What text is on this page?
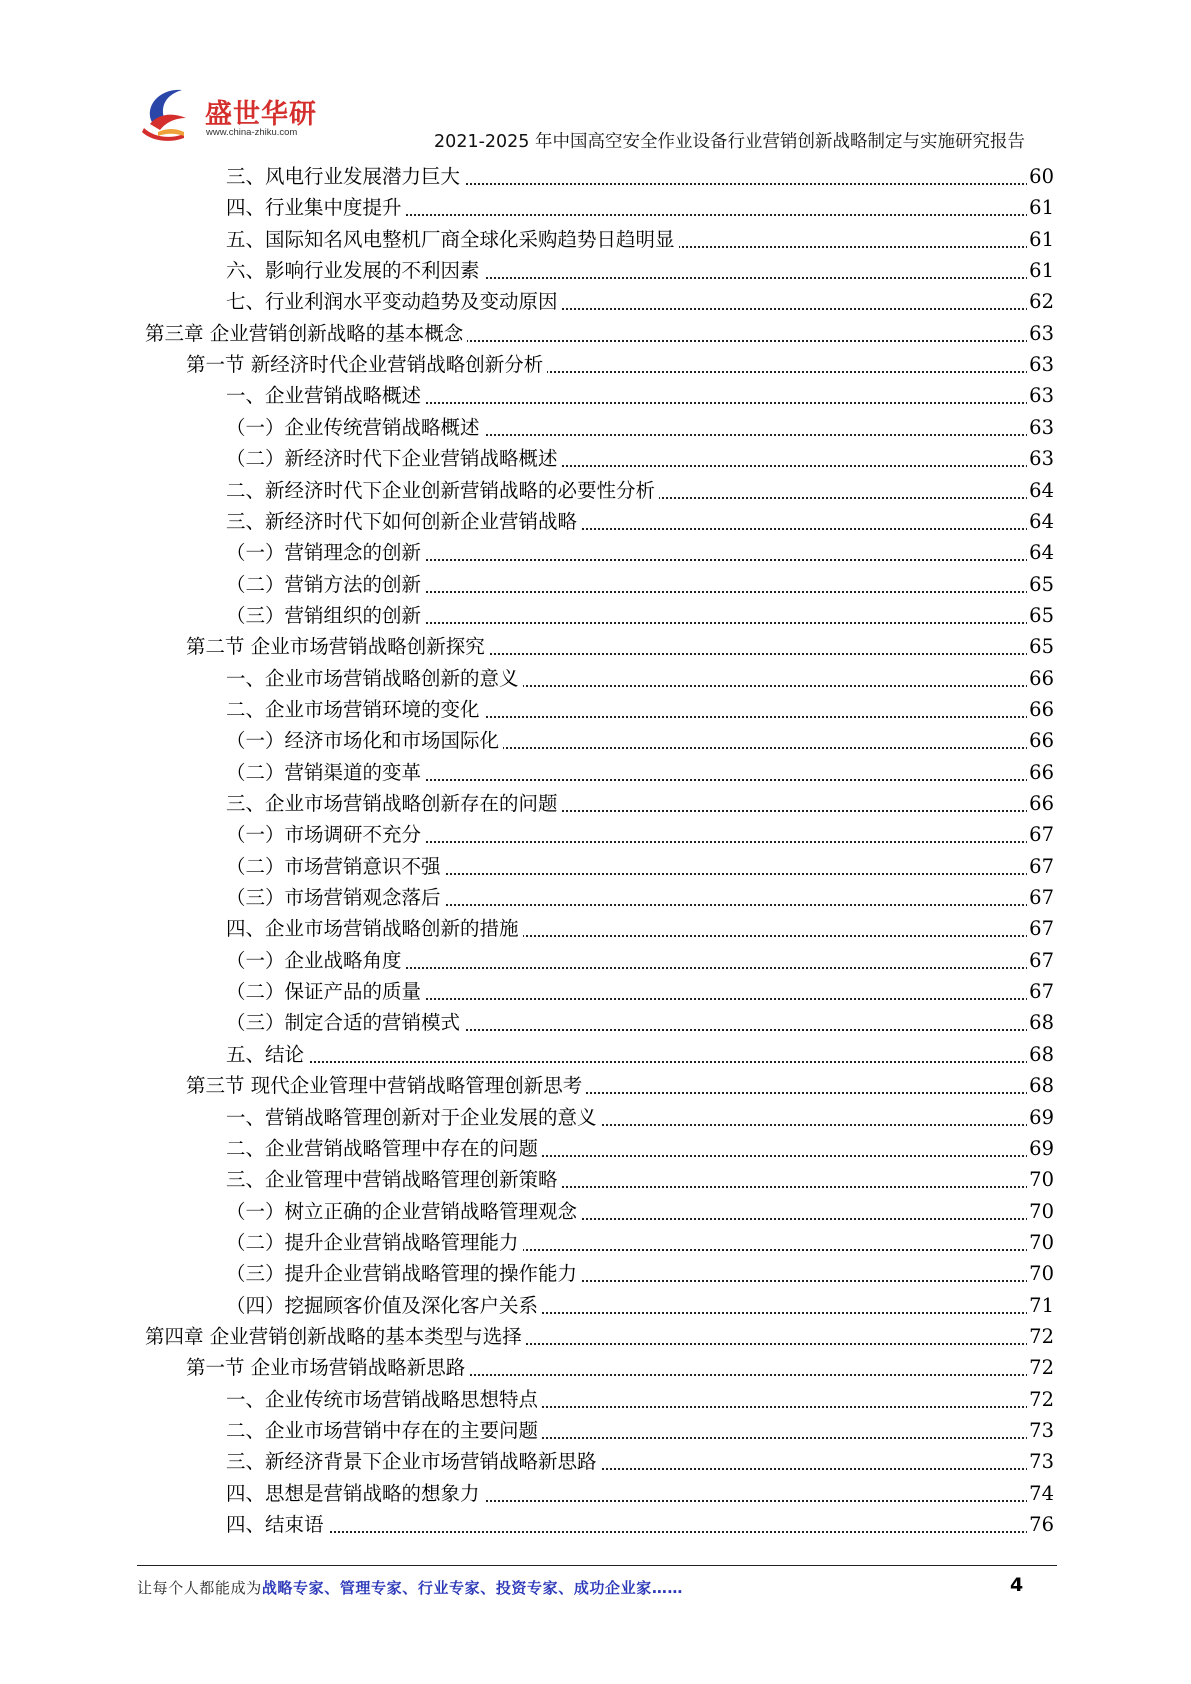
盛世华研
www.china-zhiku.com	2021-2025 年中国高空安全作业设备行业营销创新战略制定与实施研究报告
三、风电行业发展潜力巨大	60
四、行业集中度提升	61
五、国际知名风电整机厂商全球化采购趋势日趋明显	61
六、影响行业发展的不利因素	61
七、行业利润水平变动趋势及变动原因	62
第三章 企业营销创新战略的基本概念	63
第一节 新经济时代企业营销战略创新分析	63
一、企业营销战略概述	63
（一）企业传统营销战略概述	63
（二）新经济时代下企业营销战略概述	63
二、新经济时代下企业创新营销战略的必要性分析	64
三、新经济时代下如何创新企业营销战略	64
（一）营销理念的创新	64
（二）营销方法的创新	65
（三）营销组织的创新	65
第二节 企业市场营销战略创新探究	65
一、企业市场营销战略创新的意义	66
二、企业市场营销环境的变化	66
（一）经济市场化和市场国际化	66
（二）营销渠道的变革	66
三、企业市场营销战略创新存在的问题	66
（一）市场调研不充分	67
（二）市场营销意识不强	67
（三）市场营销观念落后	67
四、企业市场营销战略创新的措施	67
（一）企业战略角度	67
（二）保证产品的质量	67
（三）制定合适的营销模式	68
五、结论	68
第三节 现代企业管理中营销战略管理创新思考	68
一、营销战略管理创新对于企业发展的意义	69
二、企业营销战略管理中存在的问题	69
三、企业管理中营销战略管理创新策略	70
（一）树立正确的企业营销战略管理观念	70
（二）提升企业营销战略管理能力	70
（三）提升企业营销战略管理的操作能力	70
（四）挖掘顾客价值及深化客户关系	71
第四章 企业营销创新战略的基本类型与选择	72
第一节 企业市场营销战略新思路	72
一、企业传统市场营销战略思想特点	72
二、企业市场营销中存在的主要问题	73
三、新经济背景下企业市场营销战略新思路	73
四、思想是营销战略的想象力	74
四、结束语	76
让每个人都能成为战略专家、管理专家、行业专家、投资专家、成功企业家……	4
